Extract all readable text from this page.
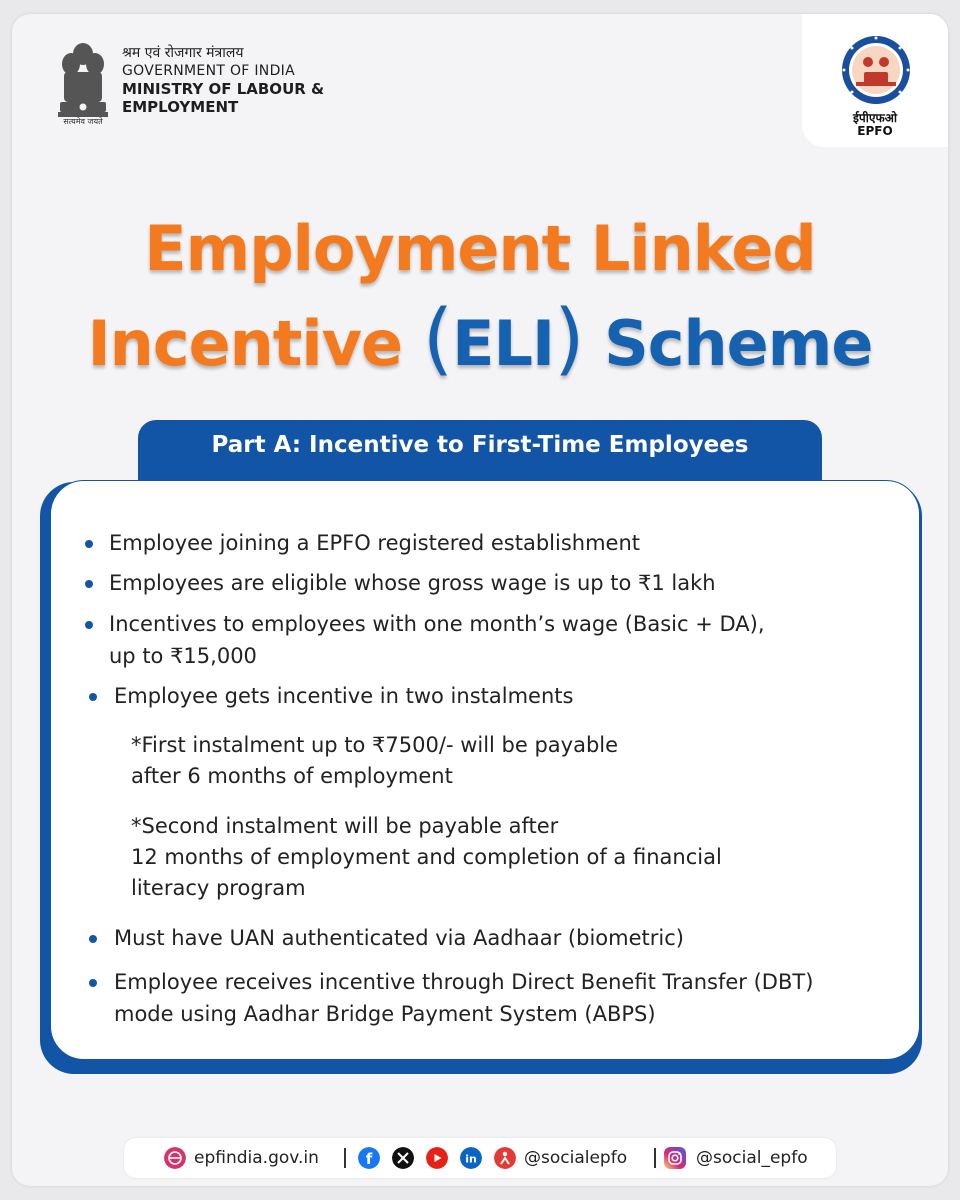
सत्यमेव जयते
श्रम एवं रोजगार मंत्रालय
GOVERNMENT OF INDIA
MINISTRY OF LABOUR &
EMPLOYMENT
ईपीएफओ
EPFO
Employment Linked
Incentive (ELI) Scheme
Part A: Incentive to First-Time Employees
Employee joining a EPFO registered establishment
Employees are eligible whose gross wage is up to ₹1 lakh
Incentives to employees with one month’s wage (Basic + DA),
up to ₹15,000
Employee gets incentive in two instalments
*First instalment up to ₹7500/- will be payable
after 6 months of employment
*Second instalment will be payable after
12 months of employment and completion of a financial
literacy program
Must have UAN authenticated via Aadhaar (biometric)
Employee receives incentive through Direct Benefit Transfer (DBT)
mode using Aadhar Bridge Payment System (ABPS)
epfindia.gov.in	f	in	@socialepfo	@social_epfo
